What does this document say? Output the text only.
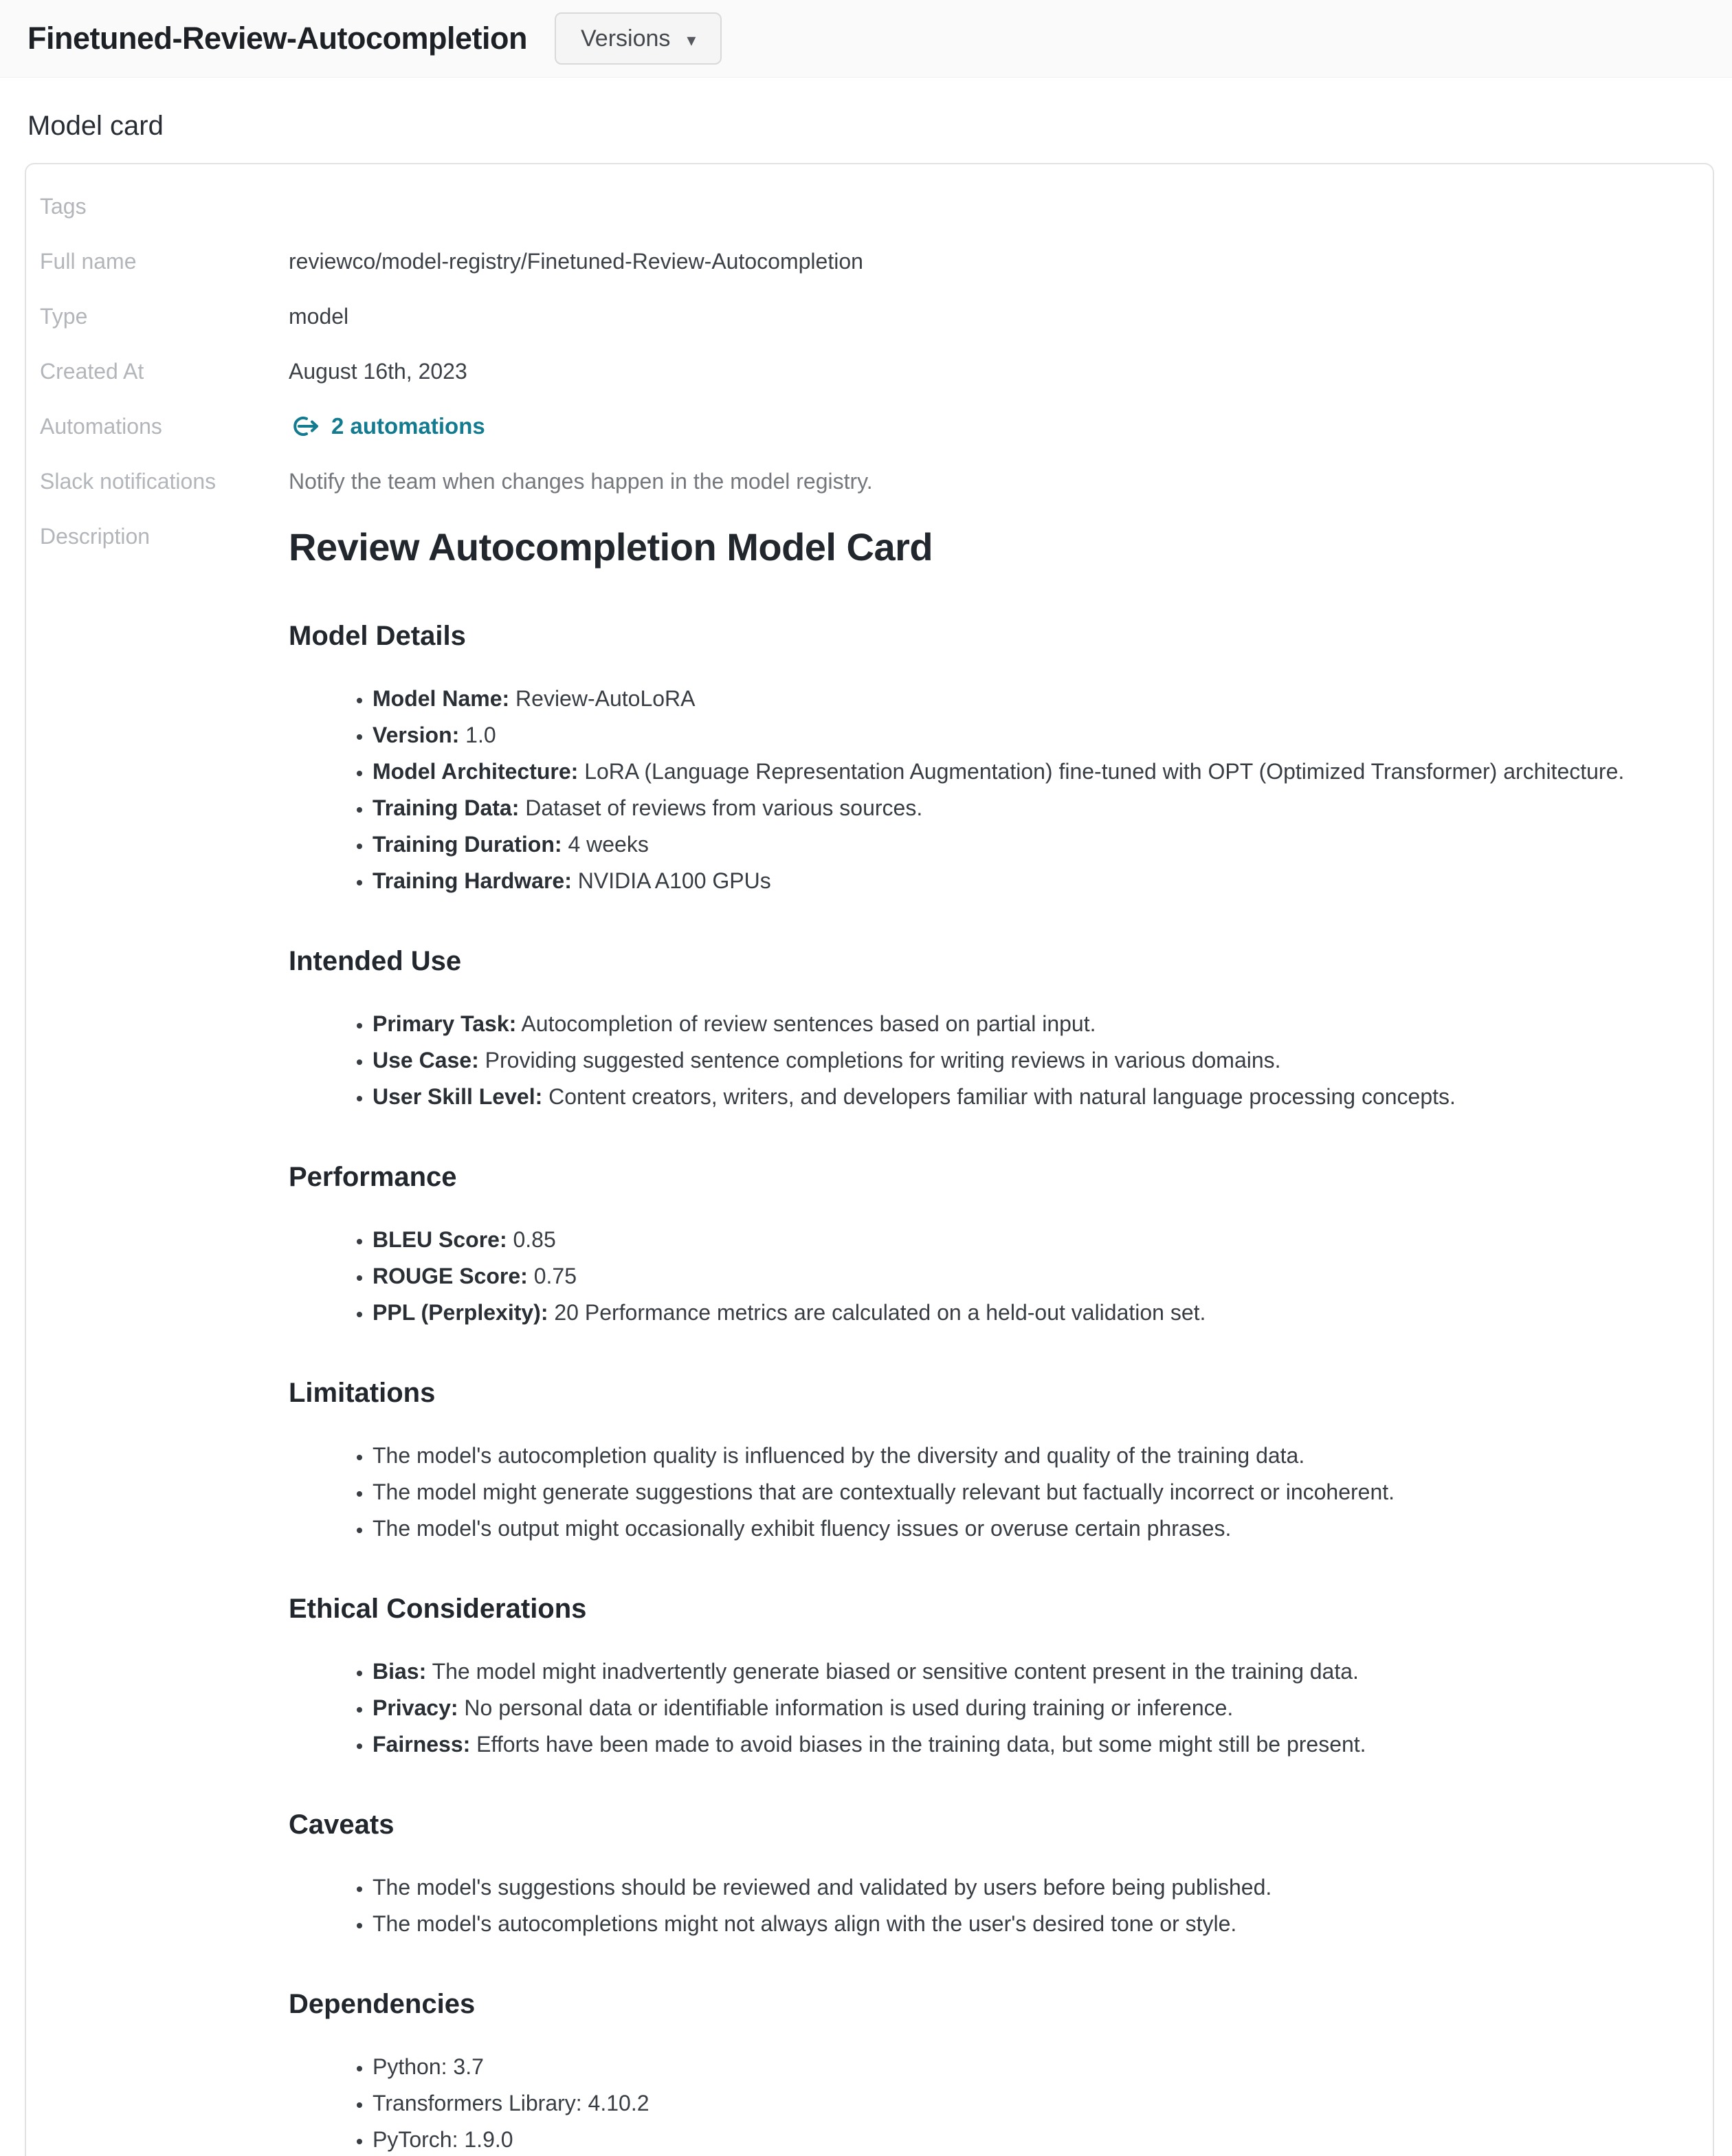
Finetuned-Review-Autocompletion Versions ▾
Model card
Tags
Full name	reviewco/model-registry/Finetuned-Review-Autocompletion
Type	model
Created At	August 16th, 2023
Automations	2 automations
Slack notifications	Notify the team when changes happen in the model registry.
Description	Review Autocompletion Model Card
Model Details
• Model Name: Review-AutoLoRA
• Version: 1.0
• Model Architecture: LoRA (Language Representation Augmentation) fine-tuned with OPT (Optimized Transformer) architecture.
• Training Data: Dataset of reviews from various sources.
• Training Duration: 4 weeks
• Training Hardware: NVIDIA A100 GPUs
Intended Use
• Primary Task: Autocompletion of review sentences based on partial input.
• Use Case: Providing suggested sentence completions for writing reviews in various domains.
• User Skill Level: Content creators, writers, and developers familiar with natural language processing concepts.
Performance
• BLEU Score: 0.85
• ROUGE Score: 0.75
• PPL (Perplexity): 20 Performance metrics are calculated on a held-out validation set.
Limitations
• The model's autocompletion quality is influenced by the diversity and quality of the training data.
• The model might generate suggestions that are contextually relevant but factually incorrect or incoherent.
• The model's output might occasionally exhibit fluency issues or overuse certain phrases.
Ethical Considerations
• Bias: The model might inadvertently generate biased or sensitive content present in the training data.
• Privacy: No personal data or identifiable information is used during training or inference.
• Fairness: Efforts have been made to avoid biases in the training data, but some might still be present.
Caveats
• The model's suggestions should be reviewed and validated by users before being published.
• The model's autocompletions might not always align with the user's desired tone or style.
Dependencies
• Python: 3.7
• Transformers Library: 4.10.2
• PyTorch: 1.9.0
